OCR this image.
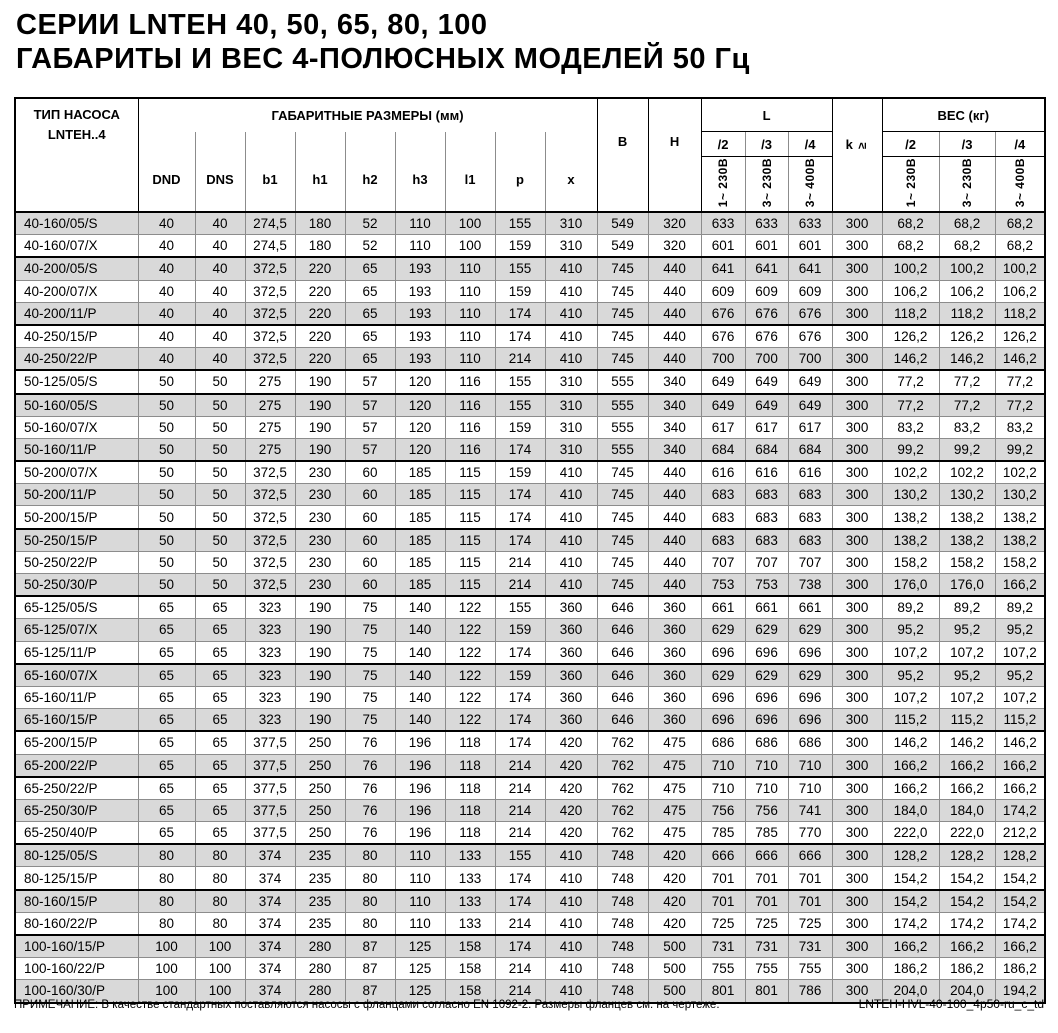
СЕРИИ LNTEH 40, 50, 65, 80, 100
ГАБАРИТЫ И ВЕС 4-ПОЛЮСНЫХ МОДЕЛЕЙ 50 Гц
ТИП НАСОСА
LNTEH..4	ГАБАРИТНЫЕ РАЗМЕРЫ (мм)									B	H	L			k ≥	ВЕС (кг)		
	DND	DNS	b1	h1	h2	h3	l1	p	x			/2	/3	/4		/2	/3	/4
												1~ 230В	3~ 230В	3~ 400В		1~ 230В	3~ 230В	3~ 400В
40-160/05/S	40	40	274,5	180	52	110	100	155	310	549	320	633	633	633	300	68,2	68,2	68,2
40-160/07/X	40	40	274,5	180	52	110	100	159	310	549	320	601	601	601	300	68,2	68,2	68,2
40-200/05/S	40	40	372,5	220	65	193	110	155	410	745	440	641	641	641	300	100,2	100,2	100,2
40-200/07/X	40	40	372,5	220	65	193	110	159	410	745	440	609	609	609	300	106,2	106,2	106,2
40-200/11/P	40	40	372,5	220	65	193	110	174	410	745	440	676	676	676	300	118,2	118,2	118,2
40-250/15/P	40	40	372,5	220	65	193	110	174	410	745	440	676	676	676	300	126,2	126,2	126,2
40-250/22/P	40	40	372,5	220	65	193	110	214	410	745	440	700	700	700	300	146,2	146,2	146,2
50-125/05/S	50	50	275	190	57	120	116	155	310	555	340	649	649	649	300	77,2	77,2	77,2
50-160/05/S	50	50	275	190	57	120	116	155	310	555	340	649	649	649	300	77,2	77,2	77,2
50-160/07/X	50	50	275	190	57	120	116	159	310	555	340	617	617	617	300	83,2	83,2	83,2
50-160/11/P	50	50	275	190	57	120	116	174	310	555	340	684	684	684	300	99,2	99,2	99,2
50-200/07/X	50	50	372,5	230	60	185	115	159	410	745	440	616	616	616	300	102,2	102,2	102,2
50-200/11/P	50	50	372,5	230	60	185	115	174	410	745	440	683	683	683	300	130,2	130,2	130,2
50-200/15/P	50	50	372,5	230	60	185	115	174	410	745	440	683	683	683	300	138,2	138,2	138,2
50-250/15/P	50	50	372,5	230	60	185	115	174	410	745	440	683	683	683	300	138,2	138,2	138,2
50-250/22/P	50	50	372,5	230	60	185	115	214	410	745	440	707	707	707	300	158,2	158,2	158,2
50-250/30/P	50	50	372,5	230	60	185	115	214	410	745	440	753	753	738	300	176,0	176,0	166,2
65-125/05/S	65	65	323	190	75	140	122	155	360	646	360	661	661	661	300	89,2	89,2	89,2
65-125/07/X	65	65	323	190	75	140	122	159	360	646	360	629	629	629	300	95,2	95,2	95,2
65-125/11/P	65	65	323	190	75	140	122	174	360	646	360	696	696	696	300	107,2	107,2	107,2
65-160/07/X	65	65	323	190	75	140	122	159	360	646	360	629	629	629	300	95,2	95,2	95,2
65-160/11/P	65	65	323	190	75	140	122	174	360	646	360	696	696	696	300	107,2	107,2	107,2
65-160/15/P	65	65	323	190	75	140	122	174	360	646	360	696	696	696	300	115,2	115,2	115,2
65-200/15/P	65	65	377,5	250	76	196	118	174	420	762	475	686	686	686	300	146,2	146,2	146,2
65-200/22/P	65	65	377,5	250	76	196	118	214	420	762	475	710	710	710	300	166,2	166,2	166,2
65-250/22/P	65	65	377,5	250	76	196	118	214	420	762	475	710	710	710	300	166,2	166,2	166,2
65-250/30/P	65	65	377,5	250	76	196	118	214	420	762	475	756	756	741	300	184,0	184,0	174,2
65-250/40/P	65	65	377,5	250	76	196	118	214	420	762	475	785	785	770	300	222,0	222,0	212,2
80-125/05/S	80	80	374	235	80	110	133	155	410	748	420	666	666	666	300	128,2	128,2	128,2
80-125/15/P	80	80	374	235	80	110	133	174	410	748	420	701	701	701	300	154,2	154,2	154,2
80-160/15/P	80	80	374	235	80	110	133	174	410	748	420	701	701	701	300	154,2	154,2	154,2
80-160/22/P	80	80	374	235	80	110	133	214	410	748	420	725	725	725	300	174,2	174,2	174,2
100-160/15/P	100	100	374	280	87	125	158	174	410	748	500	731	731	731	300	166,2	166,2	166,2
100-160/22/P	100	100	374	280	87	125	158	214	410	748	500	755	755	755	300	186,2	186,2	186,2
100-160/30/P	100	100	374	280	87	125	158	214	410	748	500	801	801	786	300	204,0	204,0	194,2
ПРИМЕЧАНИЕ: В качестве стандартных поставляются насосы с фланцами согласно EN 1092-2. Размеры фланцев см. на чертеже.	LNTEH-HVL-40-100_4p50-ru_c_td
